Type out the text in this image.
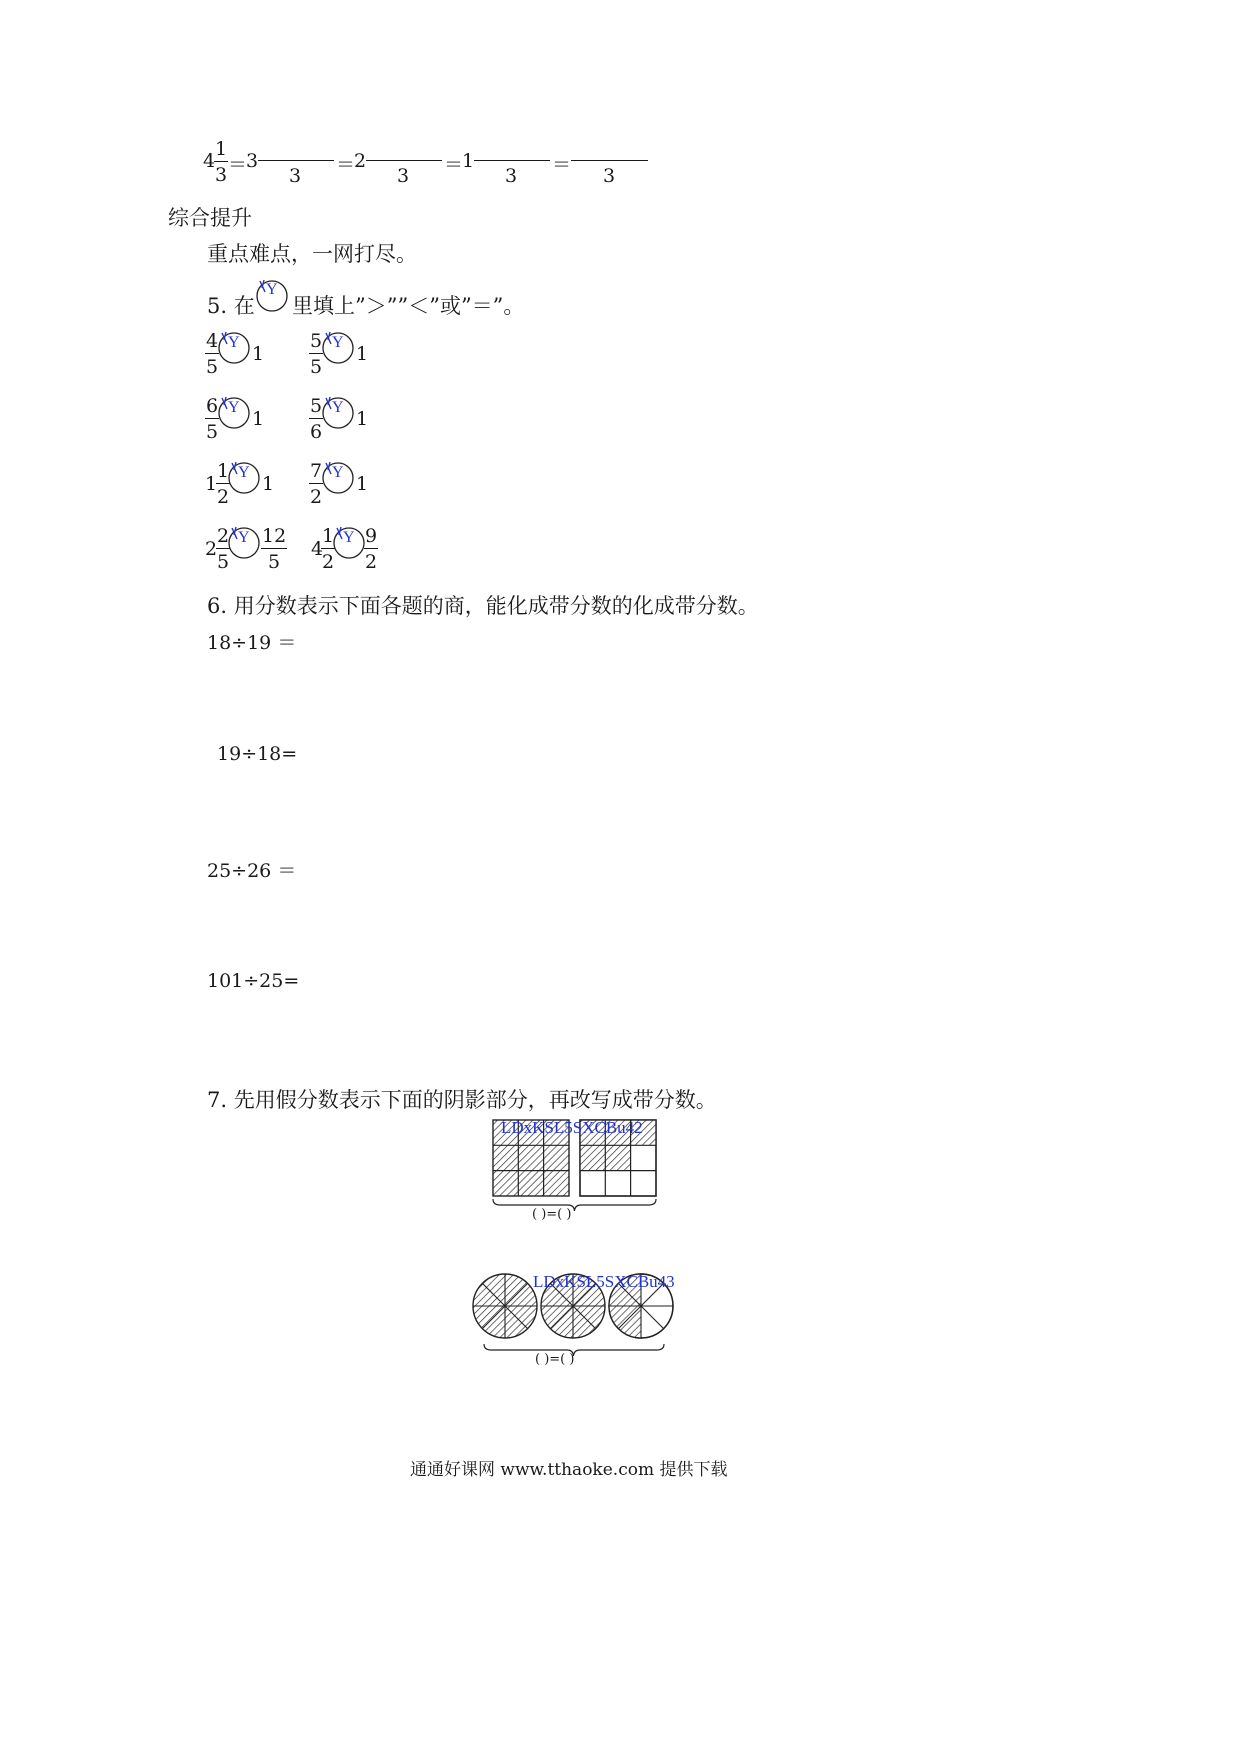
4
$\frac{1}{3}$ ＝
3
3 ＝
2
3 ＝
1
3 ＝ 3
综合提升
重点难点，一网打尽。
5. 在
Y
里填上”＞””＜”或”＝”。
$\frac{4}{5}$ Y
$1 \frac{5}{5}$ Y
1
$\frac{6}{5}$ Y
$1 \frac{5}{6}$ Y
1
1
$\frac{1}{2}$ Y
$1 \frac{7}{2}$ Y
1
2
$\frac{2}{5}$ Y $\frac{12}{5} 4$
$\frac{1}{2}$ Y $\frac{9}{2}$
6. 用分数表示下面各题的商，能化成带分数的化成带分数。
18÷19 ＝
19÷18=
25÷26 ＝
101÷25=
7. 先用假分数表示下面的阴影部分，再改写成带分数。
LDxKSL5SXCBu42
( )=( )
LDxKSL5SXCBu43
( )=( )
通通好课网 www.tthaoke.com 提供下载
